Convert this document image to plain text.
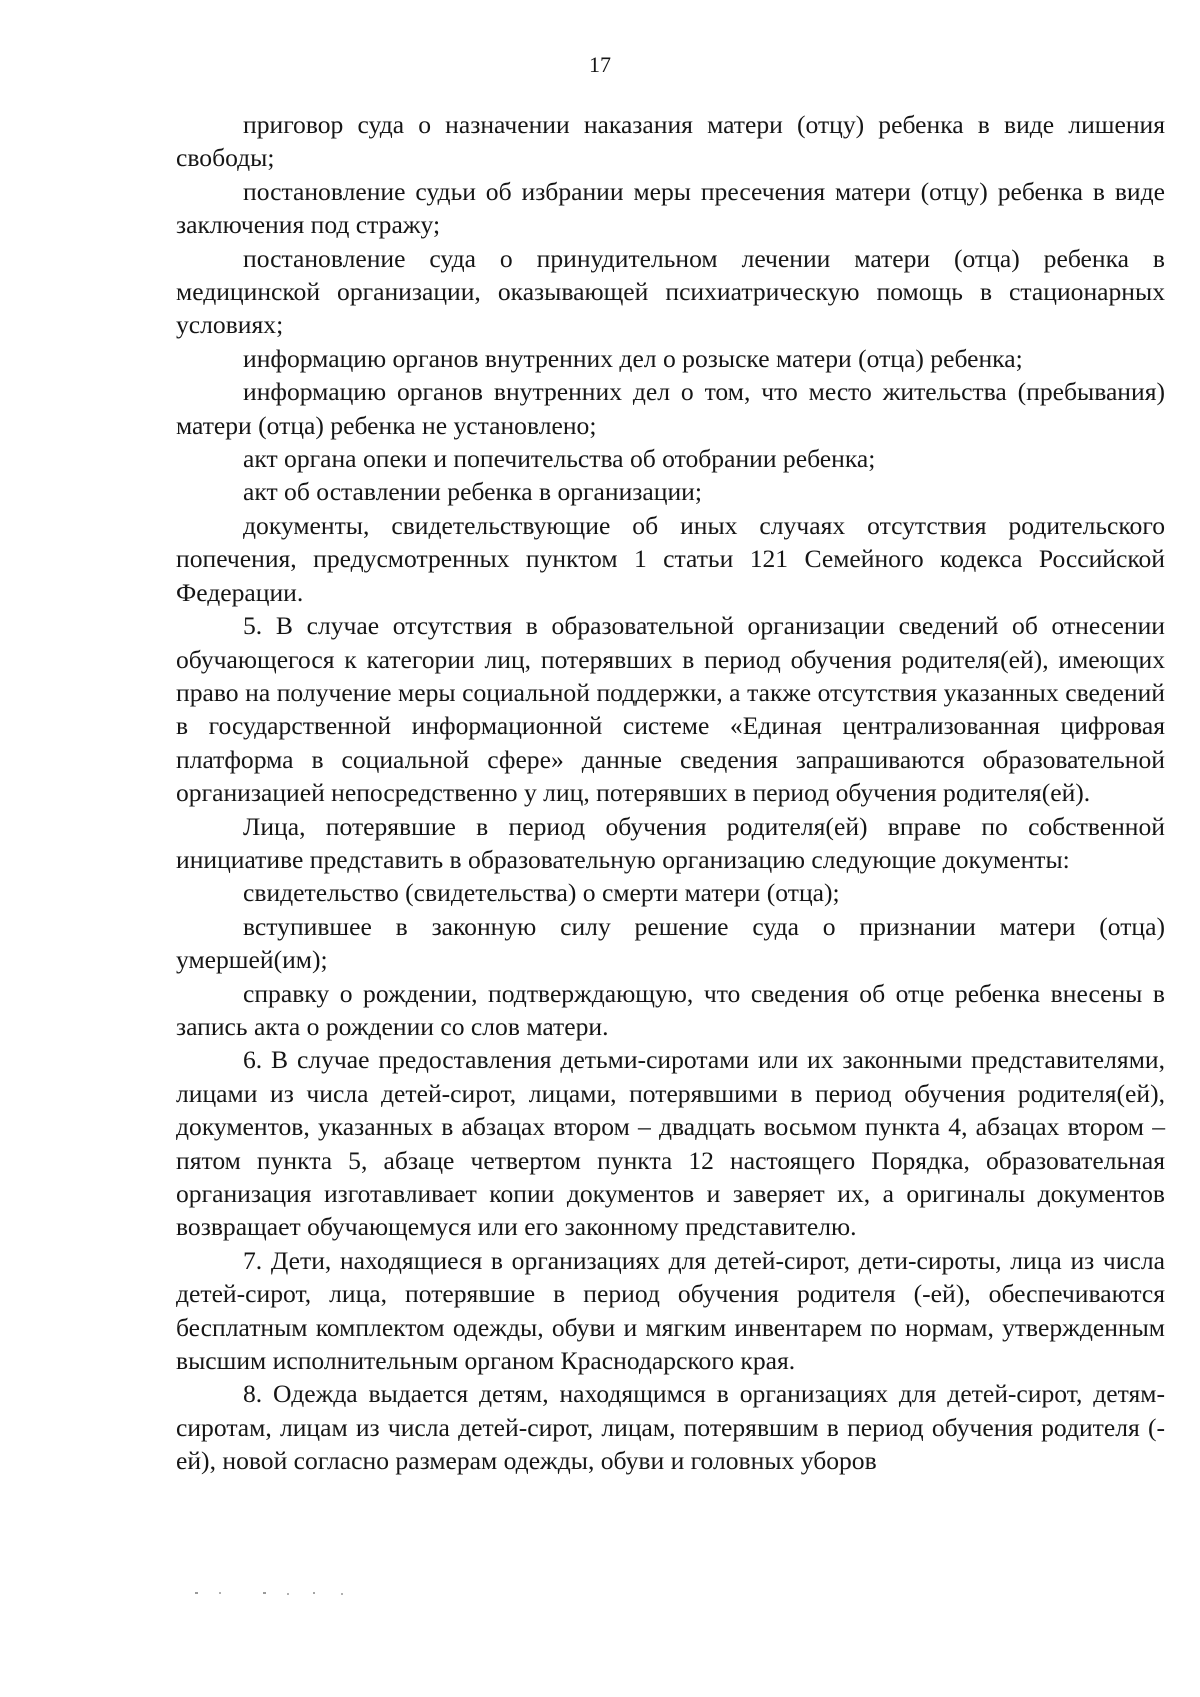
17

приговор суда о назначении наказания матери (отцу) ребенка в виде лишения свободы;

постановление судьи об избрании меры пресечения матери (отцу) ребенка в виде заключения под стражу;

постановление суда о принудительном лечении матери (отца) ребенка в медицинской организации, оказывающей психиатрическую помощь в стационарных условиях;

информацию органов внутренних дел о розыске матери (отца) ребенка;

информацию органов внутренних дел о том, что место жительства (пребывания) матери (отца) ребенка не установлено;

акт органа опеки и попечительства об отобрании ребенка;

акт об оставлении ребенка в организации;

документы, свидетельствующие об иных случаях отсутствия родительского попечения, предусмотренных пунктом 1 статьи 121 Семейного кодекса Российской Федерации.

5. В случае отсутствия в образовательной организации сведений об отнесении обучающегося к категории лиц, потерявших в период обучения родителя(ей), имеющих право на получение меры социальной поддержки, а также отсутствия указанных сведений в государственной информационной системе «Единая централизованная цифровая платформа в социальной сфере» данные сведения запрашиваются образовательной организацией непосредственно у лиц, потерявших в период обучения родителя(ей).

Лица, потерявшие в период обучения родителя(ей) вправе по собственной инициативе представить в образовательную организацию следующие документы:

свидетельство (свидетельства) о смерти матери (отца);

вступившее в законную силу решение суда о признании матери (отца) умершей(им);

справку о рождении, подтверждающую, что сведения об отце ребенка внесены в запись акта о рождении со слов матери.

6. В случае предоставления детьми-сиротами или их законными представителями, лицами из числа детей-сирот, лицами, потерявшими в период обучения родителя(ей), документов, указанных в абзацах втором – двадцать восьмом пункта 4, абзацах втором – пятом пункта 5, абзаце четвертом пункта 12 настоящего Порядка, образовательная организация изготавливает копии документов и заверяет их, а оригиналы документов возвращает обучающемуся или его законному представителю.

7. Дети, находящиеся в организациях для детей-сирот, дети-сироты, лица из числа детей-сирот, лица, потерявшие в период обучения родителя (-ей), обеспечиваются бесплатным комплектом одежды, обуви и мягким инвентарем по нормам, утвержденным высшим исполнительным органом Краснодарского края.

8. Одежда выдается детям, находящимся в организациях для детей-сирот, детям-сиротам, лицам из числа детей-сирот, лицам, потерявшим в период обучения родителя (-ей), новой согласно размерам одежды, обуви и головных уборов
